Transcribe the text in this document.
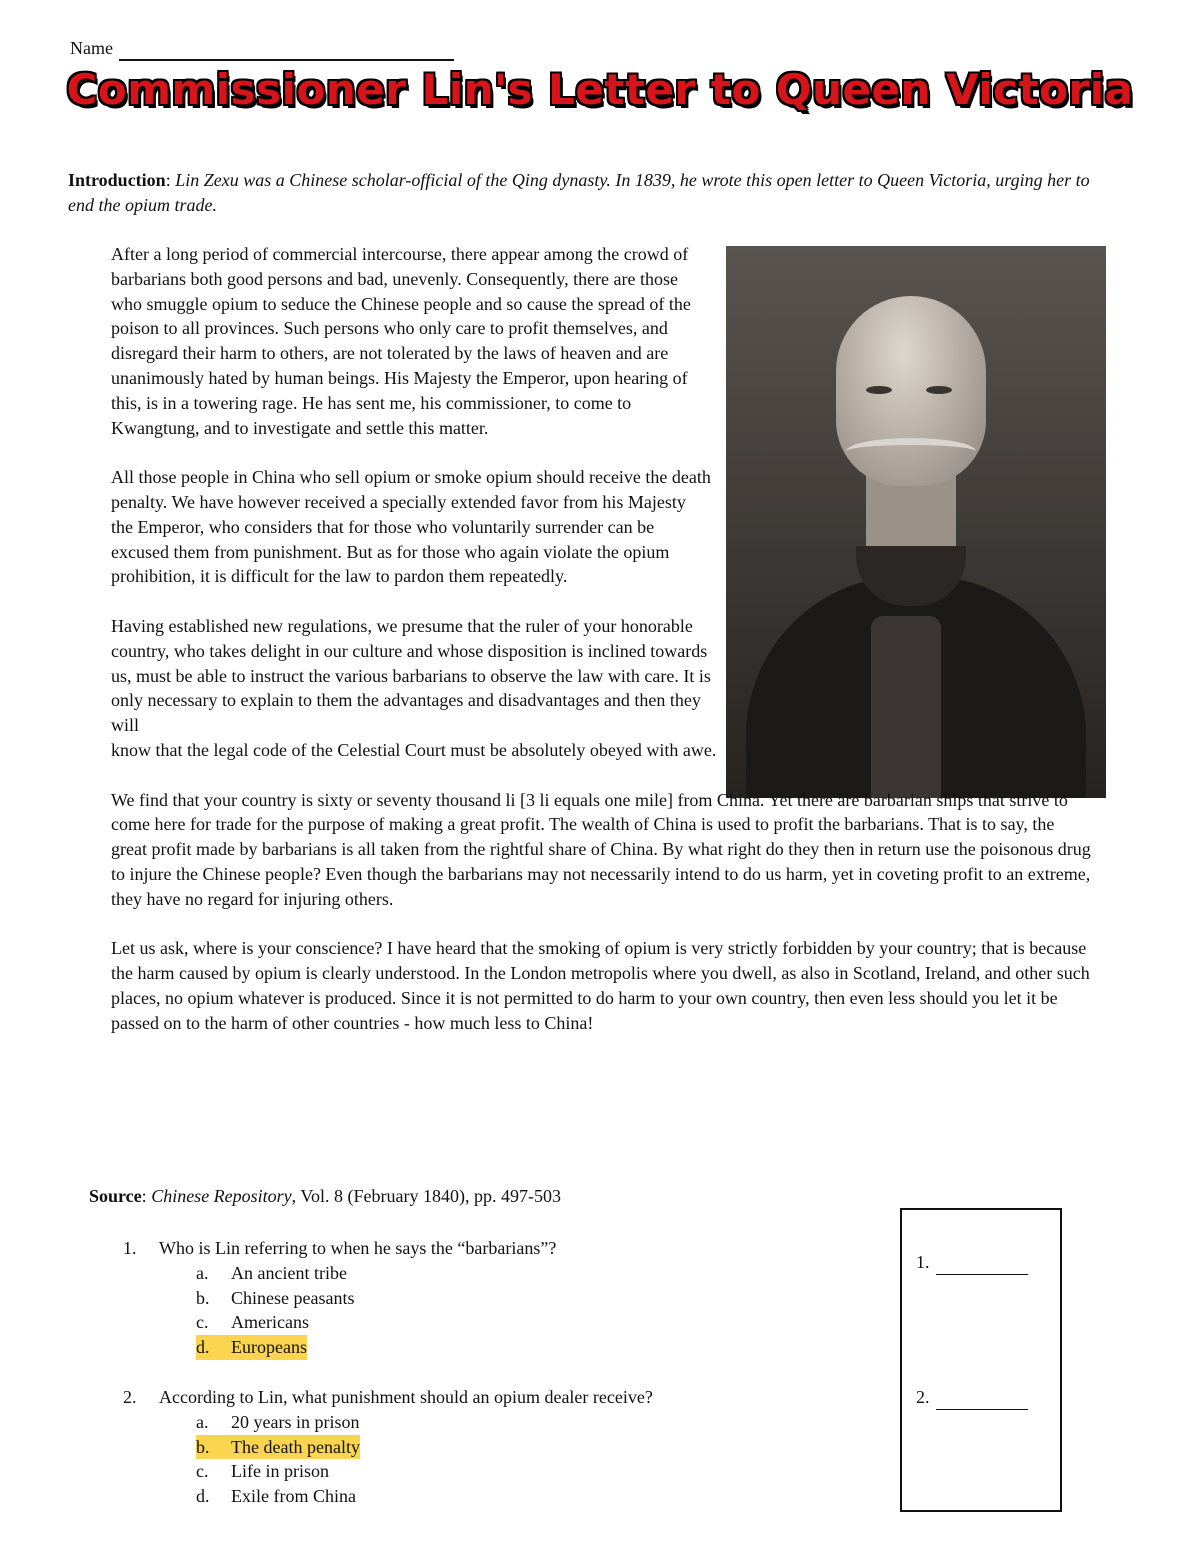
Name
Commissioner Lin's Letter to Queen Victoria
Introduction: Lin Zexu was a Chinese scholar-official of the Qing dynasty. In 1839, he wrote this open letter to Queen Victoria, urging her to end the opium trade.

After a long period of commercial intercourse, there appear among the crowd of barbarians both good persons and bad, unevenly. Consequently, there are those who smuggle opium to seduce the Chinese people and so cause the spread of the poison to all provinces. Such persons who only care to profit themselves, and disregard their harm to others, are not tolerated by the laws of heaven and are unanimously hated by human beings. His Majesty the Emperor, upon hearing of this, is in a towering rage. He has sent me, his commissioner, to come to Kwangtung, and to investigate and settle this matter.

All those people in China who sell opium or smoke opium should receive the death penalty. We have however received a specially extended favor from his Majesty the Emperor, who considers that for those who voluntarily surrender can be excused them from punishment. But as for those who again violate the opium prohibition, it is difficult for the law to pardon them repeatedly.

Having established new regulations, we presume that the ruler of your honorable country, who takes delight in our culture and whose disposition is inclined towards us, must be able to instruct the various barbarians to observe the law with care. It is only necessary to explain to them the advantages and disadvantages and then they will

know that the legal code of the Celestial Court must be absolutely obeyed with awe.

We find that your country is sixty or seventy thousand li [3 li equals one mile] from China. Yet there are barbarian ships that strive to come here for trade for the purpose of making a great profit. The wealth of China is used to profit the barbarians. That is to say, the great profit made by barbarians is all taken from the rightful share of China. By what right do they then in return use the poisonous drug to injure the Chinese people? Even though the barbarians may not necessarily intend to do us harm, yet in coveting profit to an extreme, they have no regard for injuring others.

Let us ask, where is your conscience? I have heard that the smoking of opium is very strictly forbidden by your country; that is because the harm caused by opium is clearly understood. In the London metropolis where you dwell, as also in Scotland, Ireland, and other such places, no opium whatever is produced. Since it is not permitted to do harm to your own country, then even less should you let it be passed on to the harm of other countries - how much less to China!

Source: Chinese Repository, Vol. 8 (February 1840), pp. 497-503
1.	Who is Lin referring to when he says the “barbarians”?
a.	An ancient tribe
b.	Chinese peasants
c.	Americans
d.	Europeans
2.	According to Lin, what punishment should an opium dealer receive?
a.	20 years in prison
b.	The death penalty
c.	Life in prison
d.	Exile from China
1.
2.
